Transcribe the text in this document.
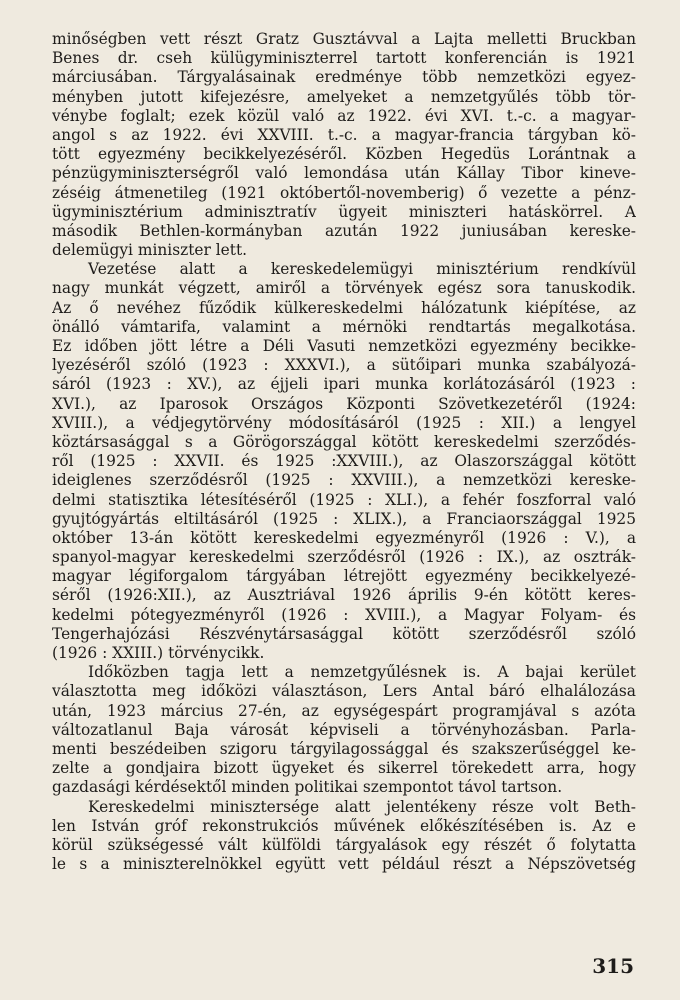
minőségben vett részt Gratz Gusztávval a Lajta melletti Bruckban
Benes dr. cseh külügyminiszterrel tartott konferencián is 1921
márciusában. Tárgyalásainak eredménye több nemzetközi egyez-
ményben jutott kifejezésre, amelyeket a nemzetgyűlés több tör-
vénybe foglalt; ezek közül való az 1922. évi XVI. t.-c. a magyar-
angol s az 1922. évi XXVIII. t.-c. a magyar-francia tárgyban kö-
tött egyezmény becikkelyezéséről. Közben Hegedüs Lorántnak a
pénzügyminiszterségről való lemondása után Kállay Tibor kineve-
zéséig átmenetileg (1921 októbertől-novemberig) ő vezette a pénz-
ügyminisztérium adminisztratív ügyeit miniszteri hatáskörrel. A
második Bethlen-kormányban azután 1922 juniusában kereske-
delemügyi miniszter lett.
Vezetése alatt a kereskedelemügyi minisztérium rendkívül
nagy munkát végzett, amiről a törvények egész sora tanuskodik.
Az ő nevéhez fűződik külkereskedelmi hálózatunk kiépítése, az
önálló vámtarifa, valamint a mérnöki rendtartás megalkotása.
Ez időben jött létre a Déli Vasuti nemzetközi egyezmény becikke-
lyezéséről szóló (1923 : XXXVI.), a sütőipari munka szabályozá-
sáról (1923 : XV.), az éjjeli ipari munka korlátozásáról (1923 :
XVI.), az Iparosok Országos Központi Szövetkezetéről (1924:
XVIII.), a védjegytörvény módosításáról (1925 : XII.) a lengyel
köztársasággal s a Görögországgal kötött kereskedelmi szerződés-
ről (1925 : XXVII. és 1925 :XXVIII.), az Olaszországgal kötött
ideiglenes szerződésről (1925 : XXVIII.), a nemzetközi kereske-
delmi statisztika létesítéséről (1925 : XLI.), a fehér foszforral való
gyujtógyártás eltiltásáról (1925 : XLIX.), a Franciaországgal 1925
október 13-án kötött kereskedelmi egyezményről (1926 : V.), a
spanyol-magyar kereskedelmi szerződésről (1926 : IX.), az osztrák-
magyar légiforgalom tárgyában létrejött egyezmény becikkelyezé-
séről (1926:XII.), az Ausztriával 1926 április 9-én kötött keres-
kedelmi pótegyezményről (1926 : XVIII.), a Magyar Folyam- és
Tengerhajózási Részvénytársasággal kötött szerződésről szóló
(1926 : XXIII.) törvénycikk.
Időközben tagja lett a nemzetgyűlésnek is. A bajai kerület
választotta meg időközi választáson, Lers Antal báró elhalálozása
után, 1923 március 27-én, az egységespárt programjával s azóta
változatlanul Baja városát képviseli a törvényhozásban. Parla-
menti beszédeiben szigoru tárgyilagossággal és szakszerűséggel ke-
zelte a gondjaira bizott ügyeket és sikerrel törekedett arra, hogy
gazdasági kérdésektől minden politikai szempontot távol tartson.
Kereskedelmi minisztersége alatt jelentékeny része volt Beth-
len István gróf rekonstrukciós művének előkészítésében is. Az e
körül szükségessé vált külföldi tárgyalások egy részét ő folytatta
le s a miniszterelnökkel együtt vett például részt a Népszövetség
315
